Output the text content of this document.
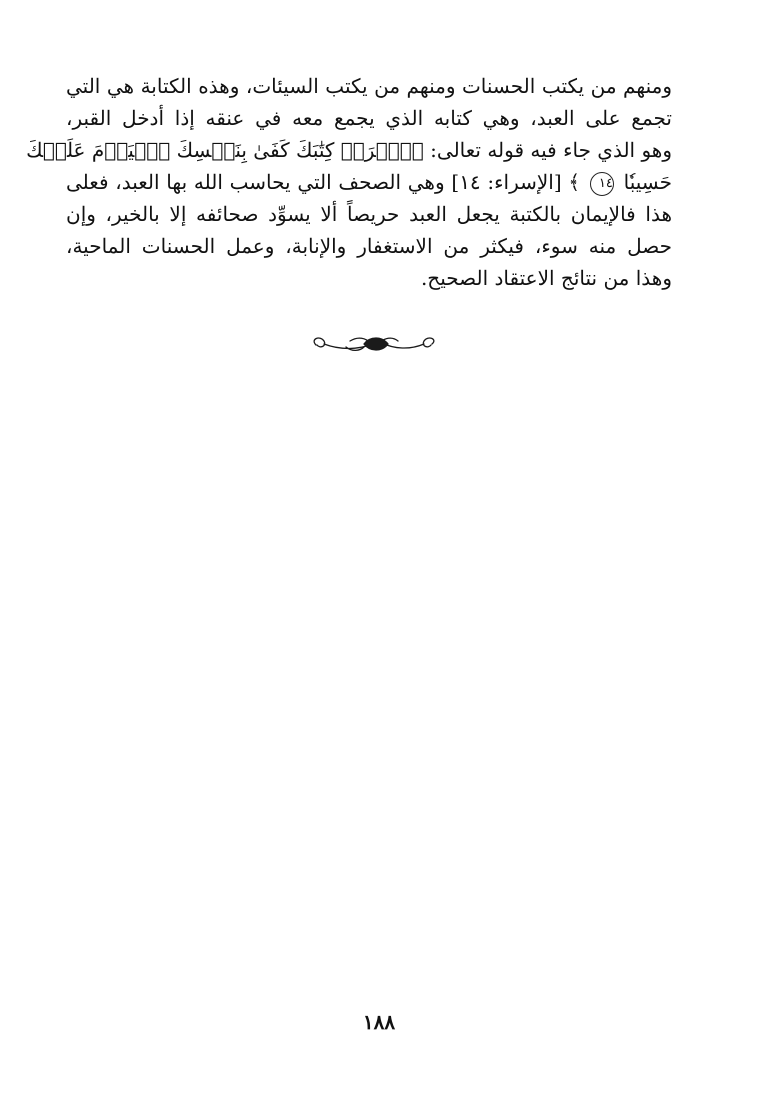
ومنهم من يكتب الحسنات ومنهم من يكتب السيئات، وهذه الكتابة هي التي
تجمع على العبد، وهي كتابه الذي يجمع معه في عنقه إذا أدخل القبر،
وهو الذي جاء فيه قوله تعالى: ﴿ٱقۡرَأۡ كِتَٰبَكَ كَفَىٰ بِنَفۡسِكَ ٱلۡيَوۡمَ عَلَيۡكَ
حَسِيبٗا ١٤ ﴾ [الإسراء: ١٤] وهي الصحف التي يحاسب الله بها العبد، فعلى
هذا فالإيمان بالكتبة يجعل العبد حريصاً ألا يسوِّد صحائفه إلا بالخير، وإن
حصل منه سوء، فيكثر من الاستغفار والإنابة، وعمل الحسنات الماحية،
وهذا من نتائج الاعتقاد الصحيح.
١٨٨
